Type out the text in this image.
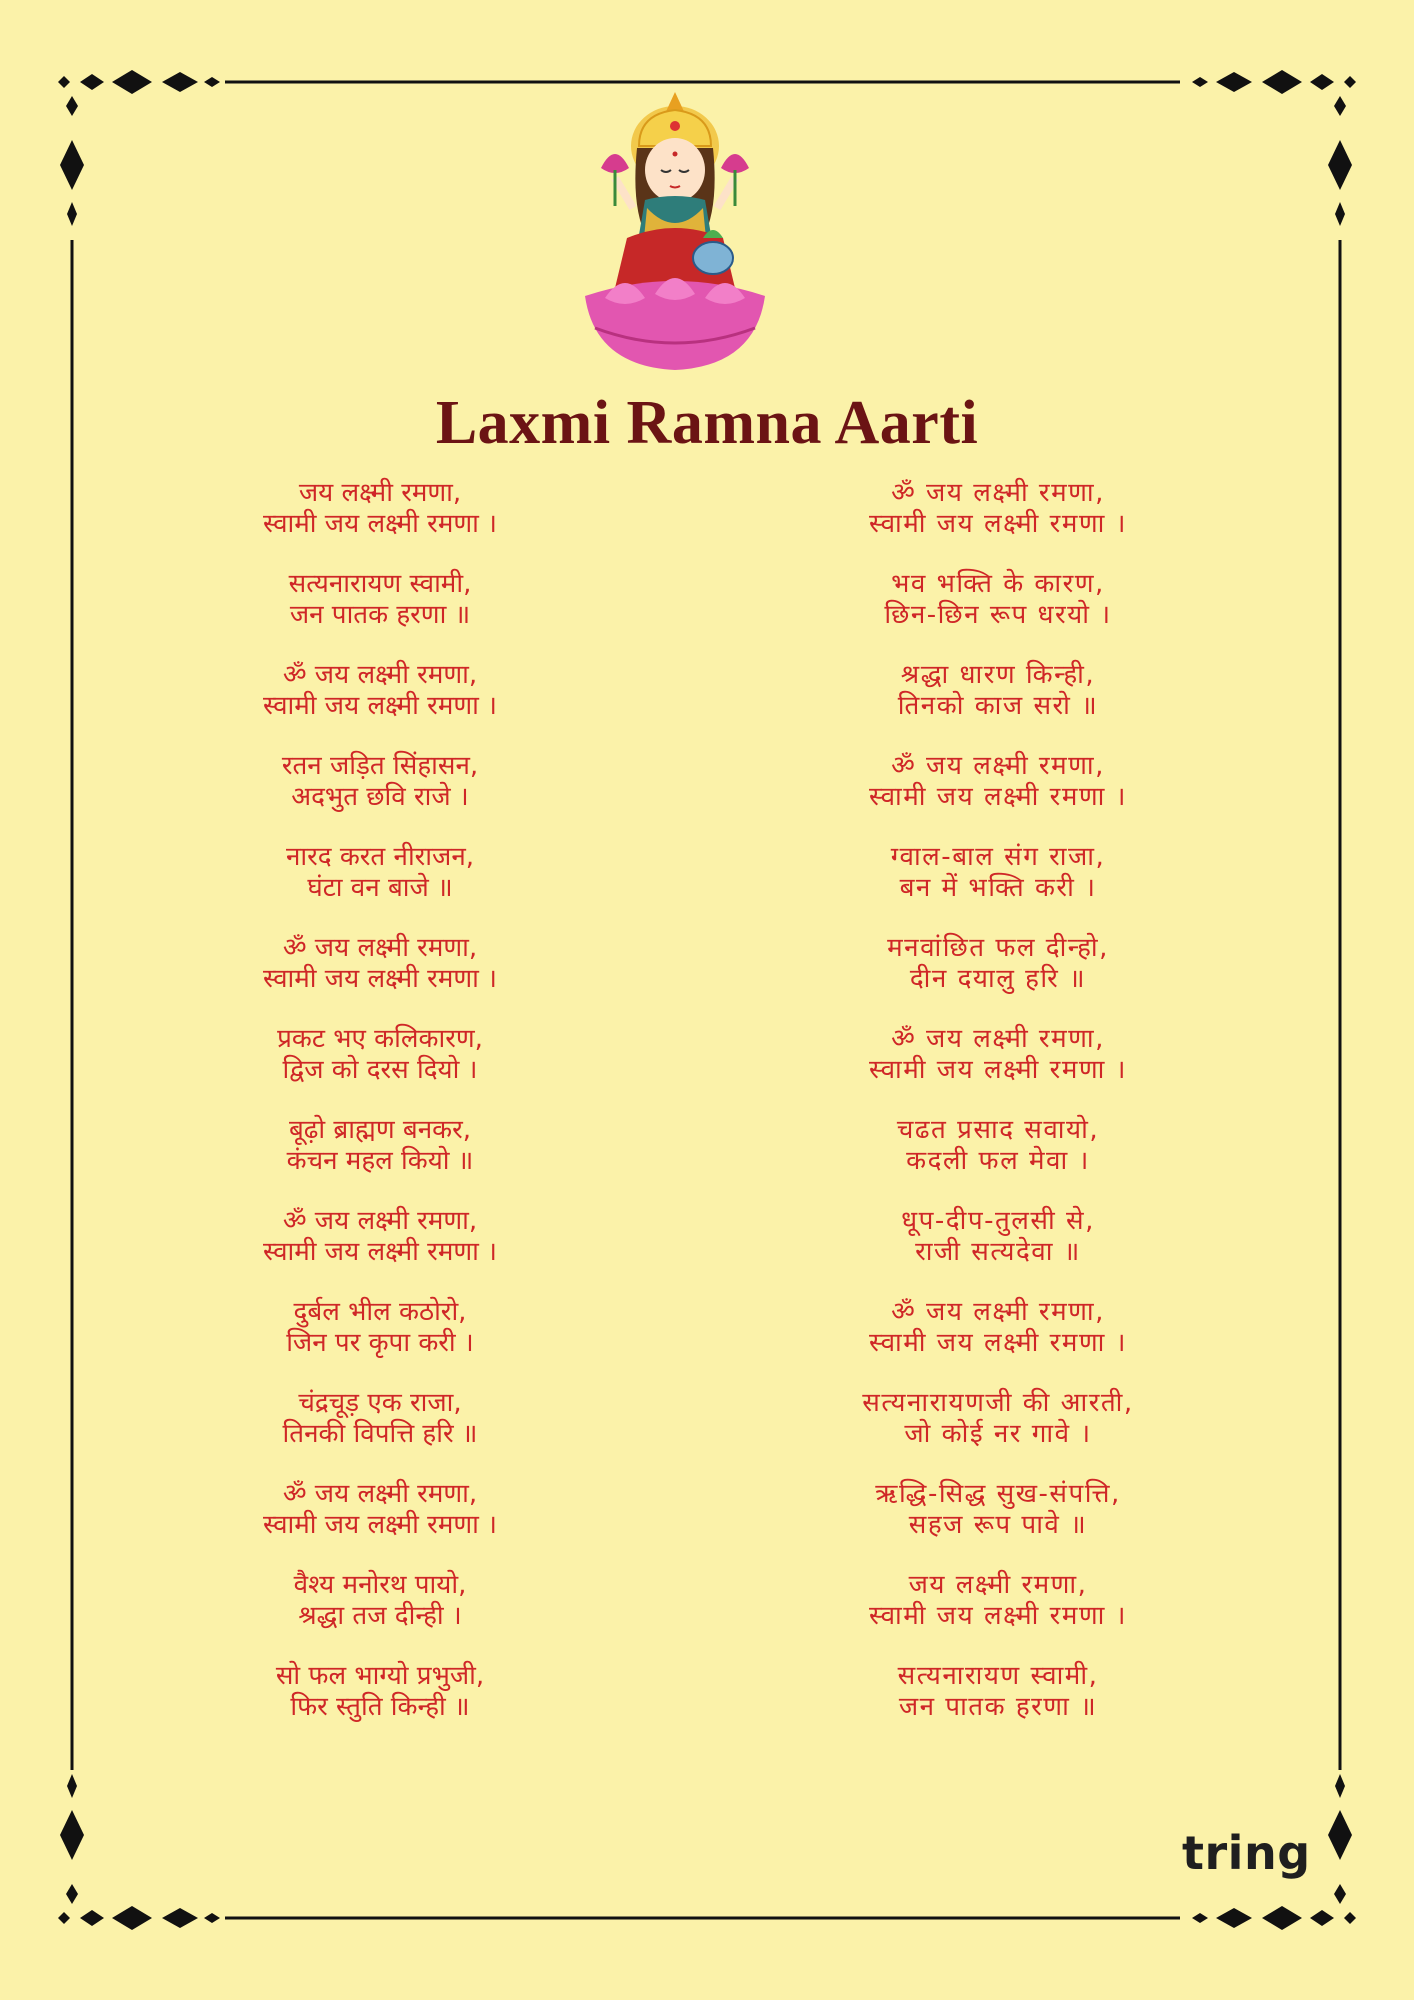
Laxmi Ramna Aarti
जय लक्ष्मी रमणा,
स्वामी जय लक्ष्मी रमणा ।
सत्यनारायण स्वामी,
जन पातक हरणा ॥
ॐ जय लक्ष्मी रमणा,
स्वामी जय लक्ष्मी रमणा ।
रतन जड़ित सिंहासन,
अदभुत छवि राजे ।
नारद करत नीराजन,
घंटा वन बाजे ॥
ॐ जय लक्ष्मी रमणा,
स्वामी जय लक्ष्मी रमणा ।
प्रकट भए कलिकारण,
द्विज को दरस दियो ।
बूढ़ो ब्राह्मण बनकर,
कंचन महल कियो ॥
ॐ जय लक्ष्मी रमणा,
स्वामी जय लक्ष्मी रमणा ।
दुर्बल भील कठोरो,
जिन पर कृपा करी ।
चंद्रचूड़ एक राजा,
तिनकी विपत्ति हरि ॥
ॐ जय लक्ष्मी रमणा,
स्वामी जय लक्ष्मी रमणा ।
वैश्य मनोरथ पायो,
श्रद्धा तज दीन्ही ।
सो फल भाग्यो प्रभुजी,
फिर स्तुति किन्ही ॥
ॐ जय लक्ष्मी रमणा,
स्वामी जय लक्ष्मी रमणा ।
भव भक्ति के कारण,
छिन-छिन रूप धरयो ।
श्रद्धा धारण किन्ही,
तिनको काज सरो ॥
ॐ जय लक्ष्मी रमणा,
स्वामी जय लक्ष्मी रमणा ।
ग्वाल-बाल संग राजा,
बन में भक्ति करी ।
मनवांछित फल दीन्हो,
दीन दयालु हरि ॥
ॐ जय लक्ष्मी रमणा,
स्वामी जय लक्ष्मी रमणा ।
चढत प्रसाद सवायो,
कदली फल मेवा ।
धूप-दीप-तुलसी से,
राजी सत्यदेवा ॥
ॐ जय लक्ष्मी रमणा,
स्वामी जय लक्ष्मी रमणा ।
सत्यनारायणजी की आरती,
जो कोई नर गावे ।
ऋद्धि-सिद्ध सुख-संपत्ति,
सहज रूप पावे ॥
जय लक्ष्मी रमणा,
स्वामी जय लक्ष्मी रमणा ।
सत्यनारायण स्वामी,
जन पातक हरणा ॥
tring
